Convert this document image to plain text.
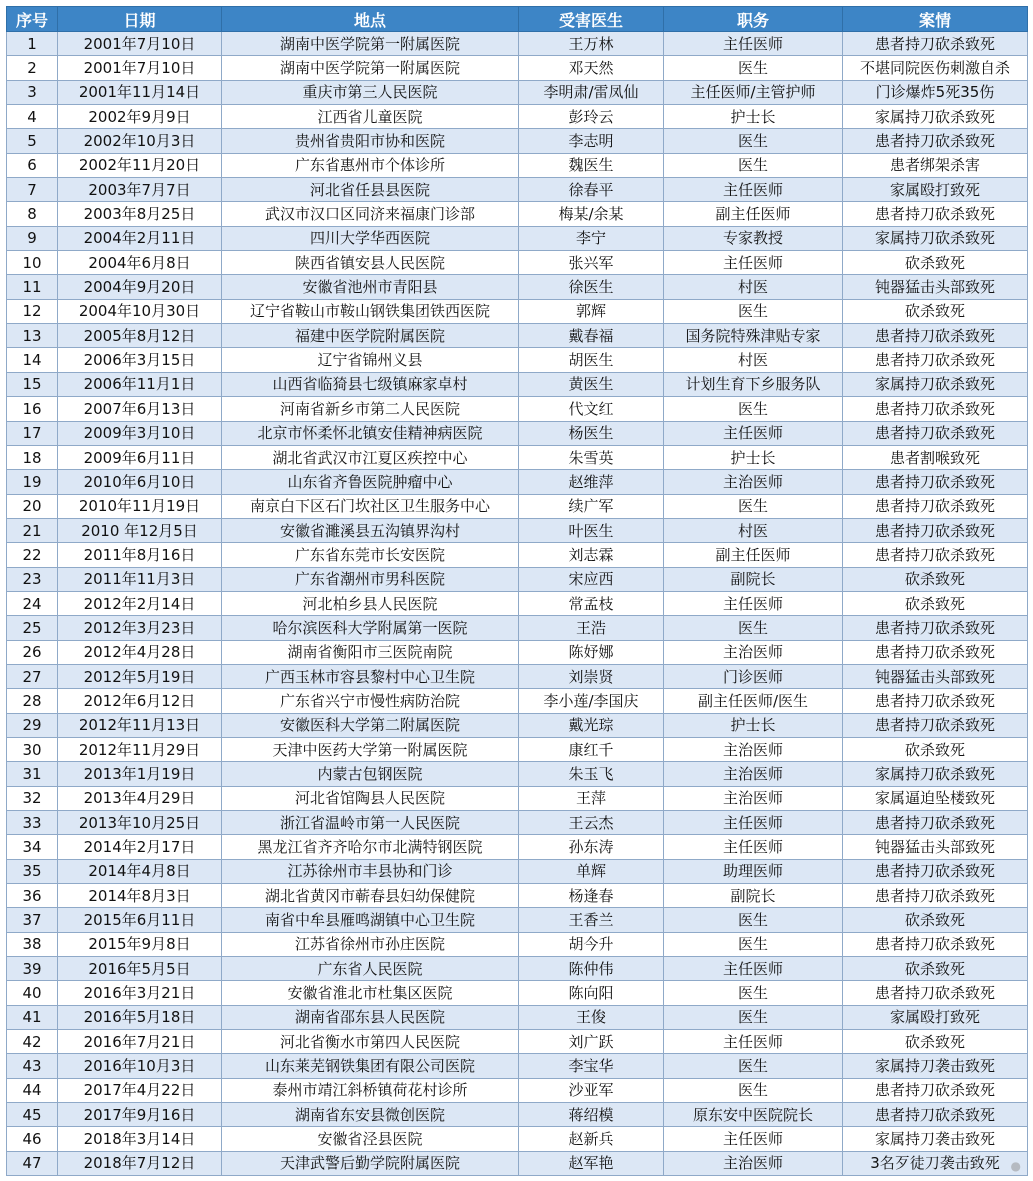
序号	日期	地点	受害医生	职务	案情
1	2001年7月10日	湖南中医学院第一附属医院	王万林	主任医师	患者持刀砍杀致死
2	2001年7月10日	湖南中医学院第一附属医院	邓天然	医生	不堪同院医伤刺激自杀
3	2001年11月14日	重庆市第三人民医院	李明肃/雷凤仙	主任医师/主管护师	门诊爆炸5死35伤
4	2002年9月9日	江西省儿童医院	彭玲云	护士长	家属持刀砍杀致死
5	2002年10月3日	贵州省贵阳市协和医院	李志明	医生	患者持刀砍杀致死
6	2002年11月20日	广东省惠州市个体诊所	魏医生	医生	患者绑架杀害
7	2003年7月7日	河北省任县县医院	徐春平	主任医师	家属殴打致死
8	2003年8月25日	武汉市汉口区同济来福康门诊部	梅某/余某	副主任医师	患者持刀砍杀致死
9	2004年2月11日	四川大学华西医院	李宁	专家教授	家属持刀砍杀致死
10	2004年6月8日	陕西省镇安县人民医院	张兴军	主任医师	砍杀致死
11	2004年9月20日	安徽省池州市青阳县	徐医生	村医	钝器猛击头部致死
12	2004年10月30日	辽宁省鞍山市鞍山钢铁集团铁西医院	郭辉	医生	砍杀致死
13	2005年8月12日	福建中医学院附属医院	戴春福	国务院特殊津贴专家	患者持刀砍杀致死
14	2006年3月15日	辽宁省锦州义县	胡医生	村医	患者持刀砍杀致死
15	2006年11月1日	山西省临猗县七级镇麻家卓村	黄医生	计划生育下乡服务队	家属持刀砍杀致死
16	2007年6月13日	河南省新乡市第二人民医院	代文红	医生	患者持刀砍杀致死
17	2009年3月10日	北京市怀柔怀北镇安佳精神病医院	杨医生	主任医师	患者持刀砍杀致死
18	2009年6月11日	湖北省武汉市江夏区疾控中心	朱雪英	护士长	患者割喉致死
19	2010年6月10日	山东省齐鲁医院肿瘤中心	赵维萍	主治医师	患者持刀砍杀致死
20	2010年11月19日	南京白下区石门坎社区卫生服务中心	续广军	医生	患者持刀砍杀致死
21	2010 年12月5日	安徽省濉溪县五沟镇界沟村	叶医生	村医	患者持刀砍杀致死
22	2011年8月16日	广东省东莞市长安医院	刘志霖	副主任医师	患者持刀砍杀致死
23	2011年11月3日	广东省潮州市男科医院	宋应西	副院长	砍杀致死
24	2012年2月14日	河北柏乡县人民医院	常孟枝	主任医师	砍杀致死
25	2012年3月23日	哈尔滨医科大学附属第一医院	王浩	医生	患者持刀砍杀致死
26	2012年4月28日	湖南省衡阳市三医院南院	陈妤娜	主治医师	患者持刀砍杀致死
27	2012年5月19日	广西玉林市容县黎村中心卫生院	刘崇贤	门诊医师	钝器猛击头部致死
28	2012年6月12日	广东省兴宁市慢性病防治院	李小莲/李国庆	副主任医师/医生	患者持刀砍杀致死
29	2012年11月13日	安徽医科大学第二附属医院	戴光琮	护士长	患者持刀砍杀致死
30	2012年11月29日	天津中医药大学第一附属医院	康红千	主治医师	砍杀致死
31	2013年1月19日	内蒙古包钢医院	朱玉飞	主治医师	家属持刀砍杀致死
32	2013年4月29日	河北省馆陶县人民医院	王萍	主治医师	家属逼迫坠楼致死
33	2013年10月25日	浙江省温岭市第一人民医院	王云杰	主任医师	患者持刀砍杀致死
34	2014年2月17日	黑龙江省齐齐哈尔市北满特钢医院	孙东涛	主任医师	钝器猛击头部致死
35	2014年4月8日	江苏徐州市丰县协和门诊	单辉	助理医师	患者持刀砍杀致死
36	2014年8月3日	湖北省黄冈市蕲春县妇幼保健院	杨逢春	副院长	患者持刀砍杀致死
37	2015年6月11日	南省中牟县雁鸣湖镇中心卫生院	王香兰	医生	砍杀致死
38	2015年9月8日	江苏省徐州市孙庄医院	胡今升	医生	患者持刀砍杀致死
39	2016年5月5日	广东省人民医院	陈仲伟	主任医师	砍杀致死
40	2016年3月21日	安徽省淮北市杜集区医院	陈向阳	医生	患者持刀砍杀致死
41	2016年5月18日	湖南省邵东县人民医院	王俊	医生	家属殴打致死
42	2016年7月21日	河北省衡水市第四人民医院	刘广跃	主任医师	砍杀致死
43	2016年10月3日	山东莱芜钢铁集团有限公司医院	李宝华	医生	家属持刀袭击致死
44	2017年4月22日	泰州市靖江斜桥镇荷花村诊所	沙亚军	医生	患者持刀砍杀致死
45	2017年9月16日	湖南省东安县微创医院	蒋绍模	原东安中医院院长	患者持刀砍杀致死
46	2018年3月14日	安徽省泾县医院	赵新兵	主任医师	家属持刀袭击致死
47	2018年7月12日	天津武警后勤学院附属医院	赵军艳	主治医师	3名歹徒刀袭击致死 ●
